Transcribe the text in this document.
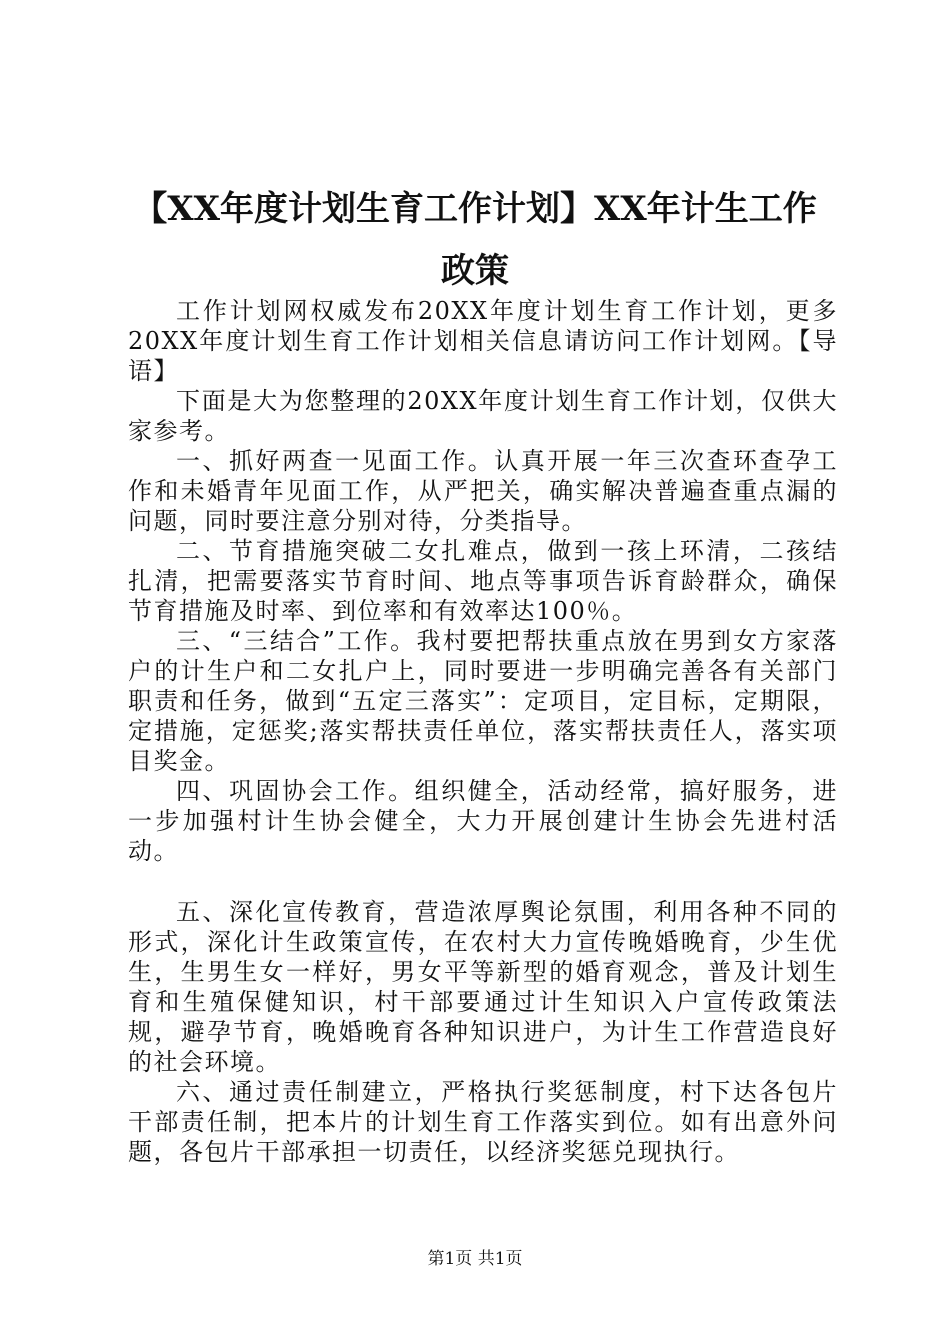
【XX年度计划生育工作计划】XX年计生工作政策

工作计划网权威发布20XX年度计划生育工作计划，更多20XX年度计划生育工作计划相关信息请访问工作计划网。【导语】

下面是大为您整理的20XX年度计划生育工作计划，仅供大家参考。

一、抓好两查一见面工作。认真开展一年三次查环查孕工作和未婚青年见面工作，从严把关，确实解决普遍查重点漏的问题，同时要注意分别对待，分类指导。

二、节育措施突破二女扎难点，做到一孩上环清，二孩结扎清，把需要落实节育时间、地点等事项告诉育龄群众，确保节育措施及时率、到位率和有效率达100％。

三、“三结合”工作。我村要把帮扶重点放在男到女方家落户的计生户和二女扎户上，同时要进一步明确完善各有关部门职责和任务，做到“五定三落实”：定项目，定目标，定期限，定措施，定惩奖;落实帮扶责任单位，落实帮扶责任人，落实项目奖金。

四、巩固协会工作。组织健全，活动经常，搞好服务，进一步加强村计生协会健全，大力开展创建计生协会先进村活动。

五、深化宣传教育，营造浓厚舆论氛围，利用各种不同的形式，深化计生政策宣传，在农村大力宣传晚婚晚育，少生优生，生男生女一样好，男女平等新型的婚育观念，普及计划生育和生殖保健知识，村干部要通过计生知识入户宣传政策法规，避孕节育，晚婚晚育各种知识进户，为计生工作营造良好的社会环境。

六、通过责任制建立，严格执行奖惩制度，村下达各包片干部责任制，把本片的计划生育工作落实到位。如有出意外问题，各包片干部承担一切责任，以经济奖惩兑现执行。

第1页 共1页
